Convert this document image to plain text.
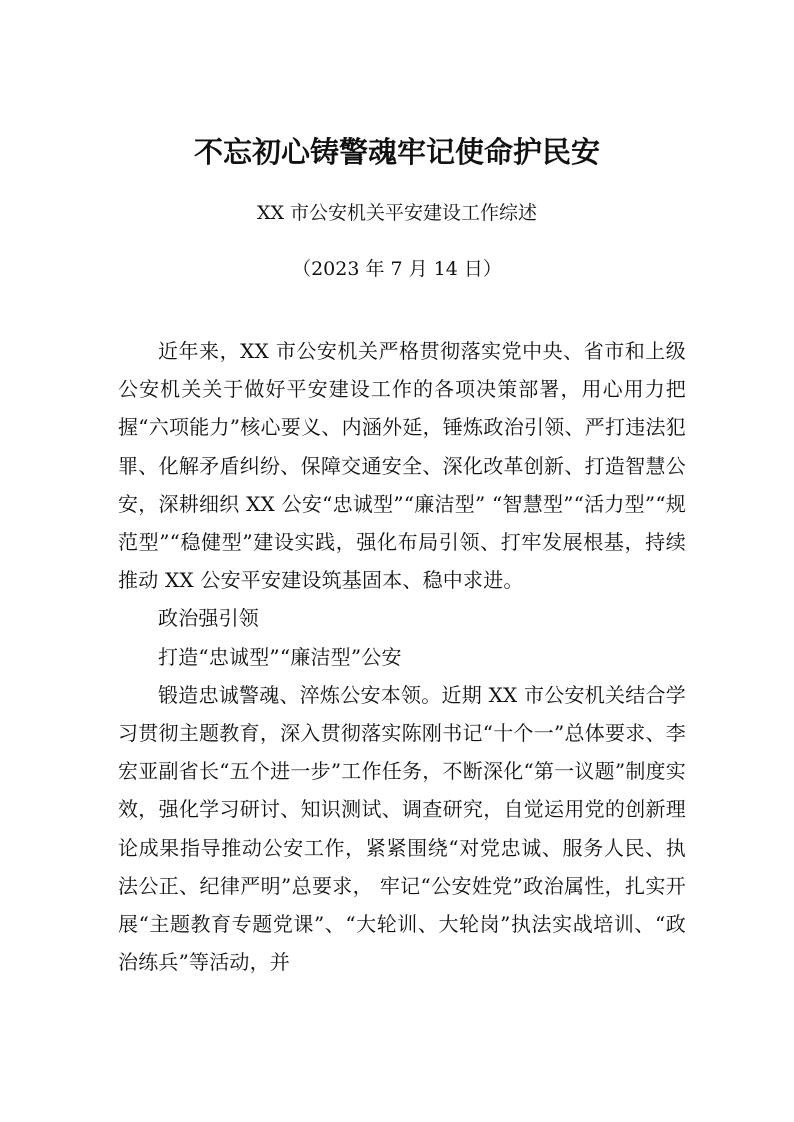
不忘初心铸警魂牢记使命护民安
XX 市公安机关平安建设工作综述
（2023 年 7 月 14 日）

近年来，XX 市公安机关严格贯彻落实党中央、省市和上级公安机关关于做好平安建设工作的各项决策部署，用心用力把握“六项能力”核心要义、内涵外延，锤炼政治引领、严打违法犯罪、化解矛盾纠纷、保障交通安全、深化改革创新、打造智慧公安，深耕细织 XX 公安“忠诚型”“廉洁型” “智慧型”“活力型”“规范型”“稳健型”建设实践，强化布局引领、打牢发展根基，持续推动 XX 公安平安建设筑基固本、稳中求进。

政治强引领

打造“忠诚型”“廉洁型”公安

锻造忠诚警魂、淬炼公安本领。近期 XX 市公安机关结合学习贯彻主题教育，深入贯彻落实陈刚书记“十个一”总体要求、李宏亚副省长“五个进一步”工作任务，不断深化“第一议题”制度实效，强化学习研讨、知识测试、调查研究，自觉运用党的创新理论成果指导推动公安工作，紧紧围绕“对党忠诚、服务人民、执法公正、纪律严明”总要求， 牢记“公安姓党”政治属性，扎实开展“主题教育专题党课”、“大轮训、大轮岗”执法实战培训、“政治练兵”等活动，并
